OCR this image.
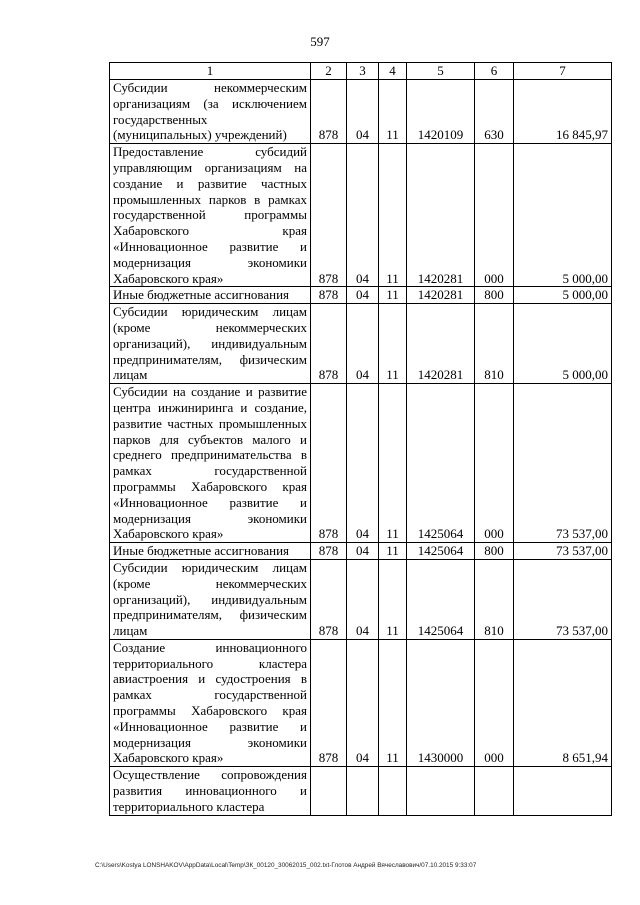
597
1	2	3	4	5	6	7
Субсидии некоммерческим организациям (за исключением государственных (муниципальных) учреждений)	878	04	11	1420109	630	16 845,97
Предоставление субсидий управляющим организациям на создание и развитие частных промышленных парков в рамках государственной программы Хабаровского края «Инновационное развитие и модернизация экономики Хабаровского края»	878	04	11	1420281	000	5 000,00
Иные бюджетные ассигнования	878	04	11	1420281	800	5 000,00
Субсидии юридическим лицам (кроме некоммерческих организаций), индивидуальным предпринимателям, физическим лицам	878	04	11	1420281	810	5 000,00
Субсидии на создание и развитие центра инжиниринга и создание, развитие частных промышленных парков для субъектов малого и среднего предпринимательства в рамках государственной программы Хабаровского края «Инновационное развитие и модернизация экономики Хабаровского края»	878	04	11	1425064	000	73 537,00
Иные бюджетные ассигнования	878	04	11	1425064	800	73 537,00
Субсидии юридическим лицам (кроме некоммерческих организаций), индивидуальным предпринимателям, физическим лицам	878	04	11	1425064	810	73 537,00
Создание инновационного территориального кластера авиастроения и судостроения в рамках государственной программы Хабаровского края «Инновационное развитие и модернизация экономики Хабаровского края»	878	04	11	1430000	000	8 651,94
Осуществление сопровождения развития инновационного и территориального кластера						
C:\Users\Kostya LONSHAKOV\AppData\Local\Temp\ЗК_00120_30062015_002.txt-Глотов Андрей Вячеславович/07.10.2015 9:33:07
